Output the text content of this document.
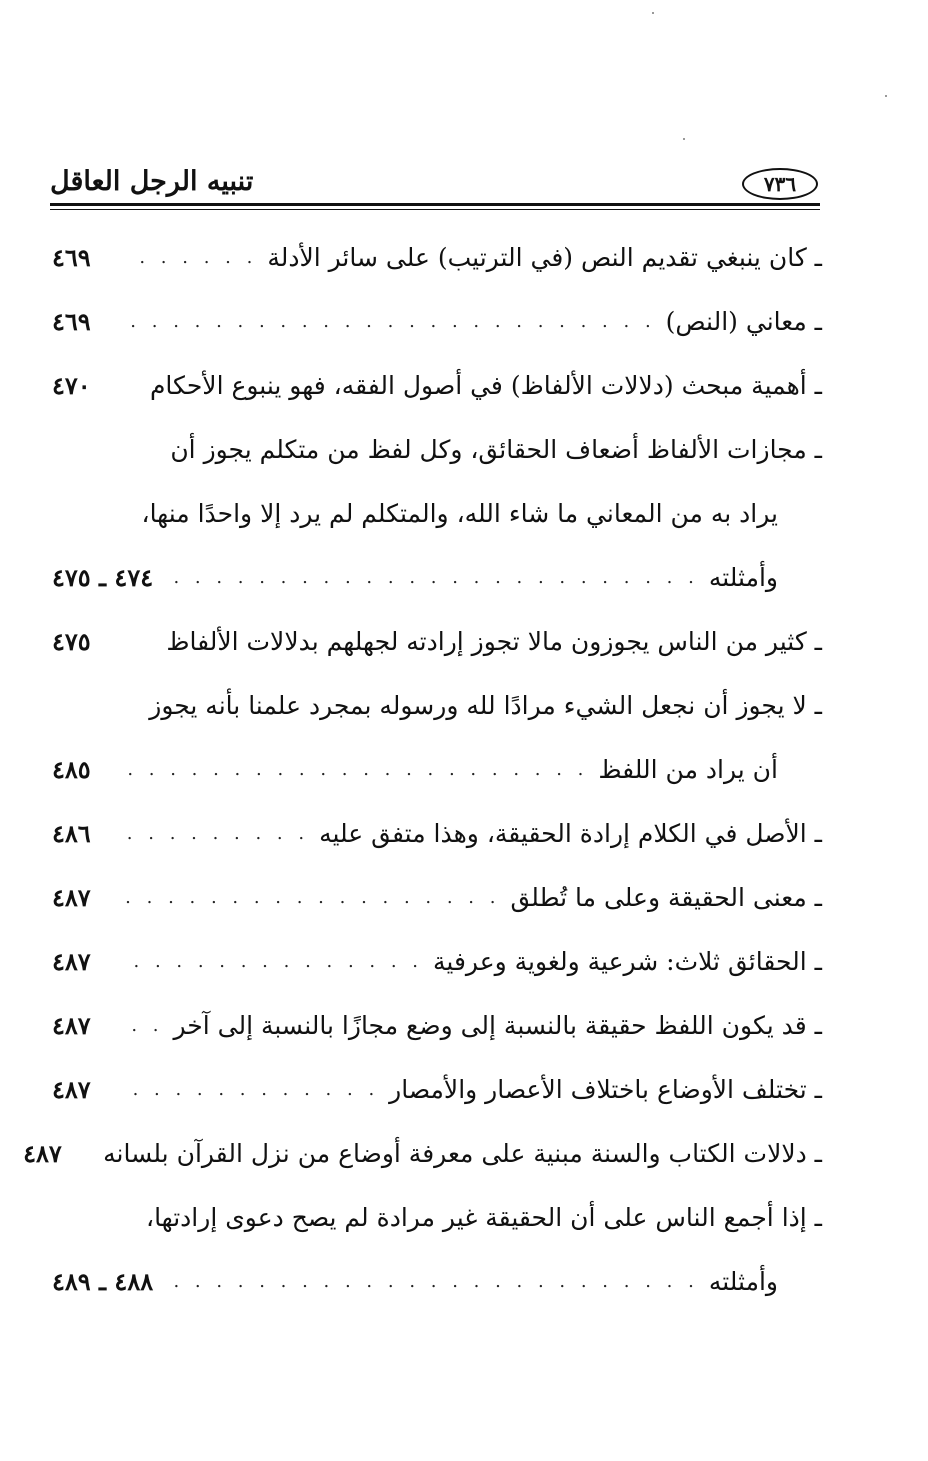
٧٣٦
تنبيه الرجل العاقل
ـ كان ينبغي تقديم النص (في الترتيب) على سائر الأدلة
. . .
٤٦٩
ـ معاني (النص)
. . .
٤٦٩
ـ أهمية مبحث (دلالات الألفاظ) في أصول الفقه، فهو ينبوع الأحكام
٤٧٠
ـ مجازات الألفاظ أضعاف الحقائق، وكل لفظ من متكلم يجوز أن
يراد به من المعاني ما شاء الله، والمتكلم لم يرد إلا واحدًا منها،
وأمثلته
. . .
٤٧٤ ـ ٤٧٥
ـ كثير من الناس يجوزون مالا تجوز إرادته لجهلهم بدلالات الألفاظ
٤٧٥
ـ لا يجوز أن نجعل الشيء مرادًا لله ورسوله بمجرد علمنا بأنه يجوز
أن يراد من اللفظ
. . .
٤٨٥
ـ الأصل في الكلام إرادة الحقيقة، وهذا متفق عليه
. . .
٤٨٦
ـ معنى الحقيقة وعلى ما تُطلق
. . .
٤٨٧
ـ الحقائق ثلاث: شرعية ولغوية وعرفية
. . .
٤٨٧
ـ قد يكون اللفظ حقيقة بالنسبة إلى وضع مجازًا بالنسبة إلى آخر
. . .
٤٨٧
ـ تختلف الأوضاع باختلاف الأعصار والأمصار
. . .
٤٨٧
ـ دلالات الكتاب والسنة مبنية على معرفة أوضاع من نزل القرآن بلسانه
٤٨٧
ـ إذا أجمع الناس على أن الحقيقة غير مرادة لم يصح دعوى إرادتها،
وأمثلته
. . .
٤٨٨ ـ ٤٨٩
